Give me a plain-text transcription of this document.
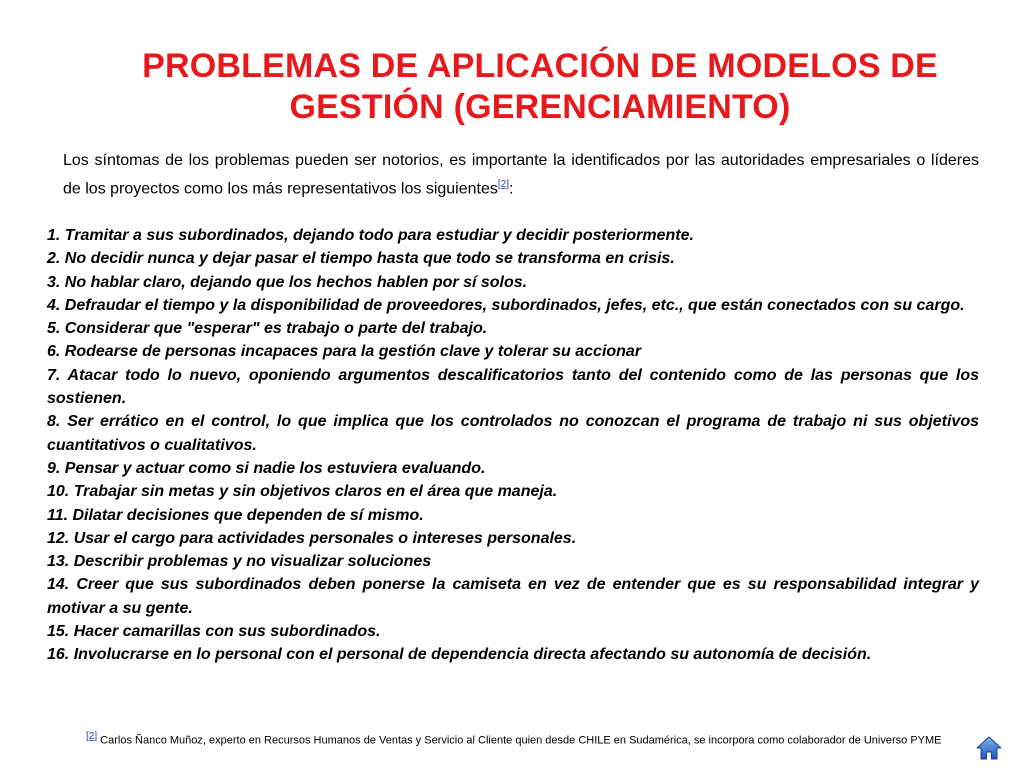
PROBLEMAS DE APLICACIÓN DE MODELOS DE
GESTIÓN (GERENCIAMIENTO)

Los síntomas de los problemas pueden ser notorios, es importante la identificados por las autoridades empresariales o líderes de los proyectos como los más representativos los siguientes[2]:

1. Tramitar a sus subordinados, dejando todo para estudiar y decidir posteriormente.
2. No decidir nunca y dejar pasar el tiempo hasta que todo se transforma en crisis.
3. No hablar claro, dejando que los hechos hablen por sí solos.
4. Defraudar el tiempo y la disponibilidad de proveedores, subordinados, jefes, etc., que están conectados con su cargo.
5. Considerar que "esperar" es trabajo o parte del trabajo.
6. Rodearse de personas incapaces para la gestión clave y tolerar su accionar
7. Atacar todo lo nuevo, oponiendo argumentos descalificatorios tanto del contenido como de las personas que los sostienen.
8. Ser errático en el control, lo que implica que los controlados no conozcan el programa de trabajo ni sus objetivos cuantitativos o cualitativos.
9. Pensar y actuar como si nadie los estuviera evaluando.
10. Trabajar sin metas y sin objetivos claros en el área que maneja.
11. Dilatar decisiones que dependen de sí mismo.
12. Usar el cargo para actividades personales o intereses personales.
13. Describir problemas y no visualizar soluciones
14. Creer que sus subordinados deben ponerse la camiseta en vez de entender que es su responsabilidad integrar y motivar a su gente.
15. Hacer camarillas con sus subordinados.
16. Involucrarse en lo personal con el personal de dependencia directa afectando su autonomía de decisión.

[2] Carlos Ñanco Muñoz, experto en Recursos Humanos de Ventas y Servicio al Cliente quien desde CHILE en Sudamérica, se incorpora como colaborador de Universo PYME
